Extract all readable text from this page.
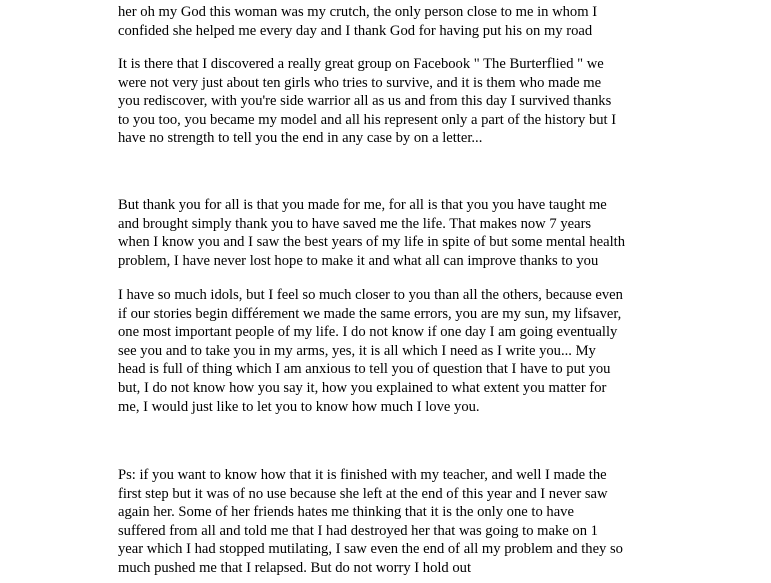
her oh my God this woman was my crutch, the only person close to me in whom I
confided she helped me every day and I thank God for having put his on my road
It is there that I discovered a really great group on Facebook " The Burterflied " we
were not very just about ten girls who tries to survive, and it is them who made me
you rediscover, with you're side warrior all as us and from this day I survived thanks
to you too, you became my model and all his represent only a part of the history but I
have no strength to tell you the end in any case by on a letter...
But thank you for all is that you made for me, for all is that you you have taught me
and brought simply thank you to have saved me the life. That makes now 7 years
when I know you and I saw the best years of my life in spite of but some mental health
problem, I have never lost hope to make it and what all can improve thanks to you
I have so much idols, but I feel so much closer to you than all the others, because even
if our stories begin différement we made the same errors, you are my sun, my lifsaver,
one most important people of my life. I do not know if one day I am going eventually
see you and to take you in my arms, yes, it is all which I need as I write you... My
head is full of thing which I am anxious to tell you of question that I have to put you
but, I do not know how you say it, how you explained to what extent you matter for
me, I would just like to let you to know how much I love you.
Ps: if you want to know how that it is finished with my teacher, and well I made the
first step but it was of no use because she left at the end of this year and I never saw
again her. Some of her friends hates me thinking that it is the only one to have
suffered from all and told me that I had destroyed her that was going to make on 1
year which I had stopped mutilating, I saw even the end of all my problem and they so
much pushed me that I relapsed. But do not worry I hold out
